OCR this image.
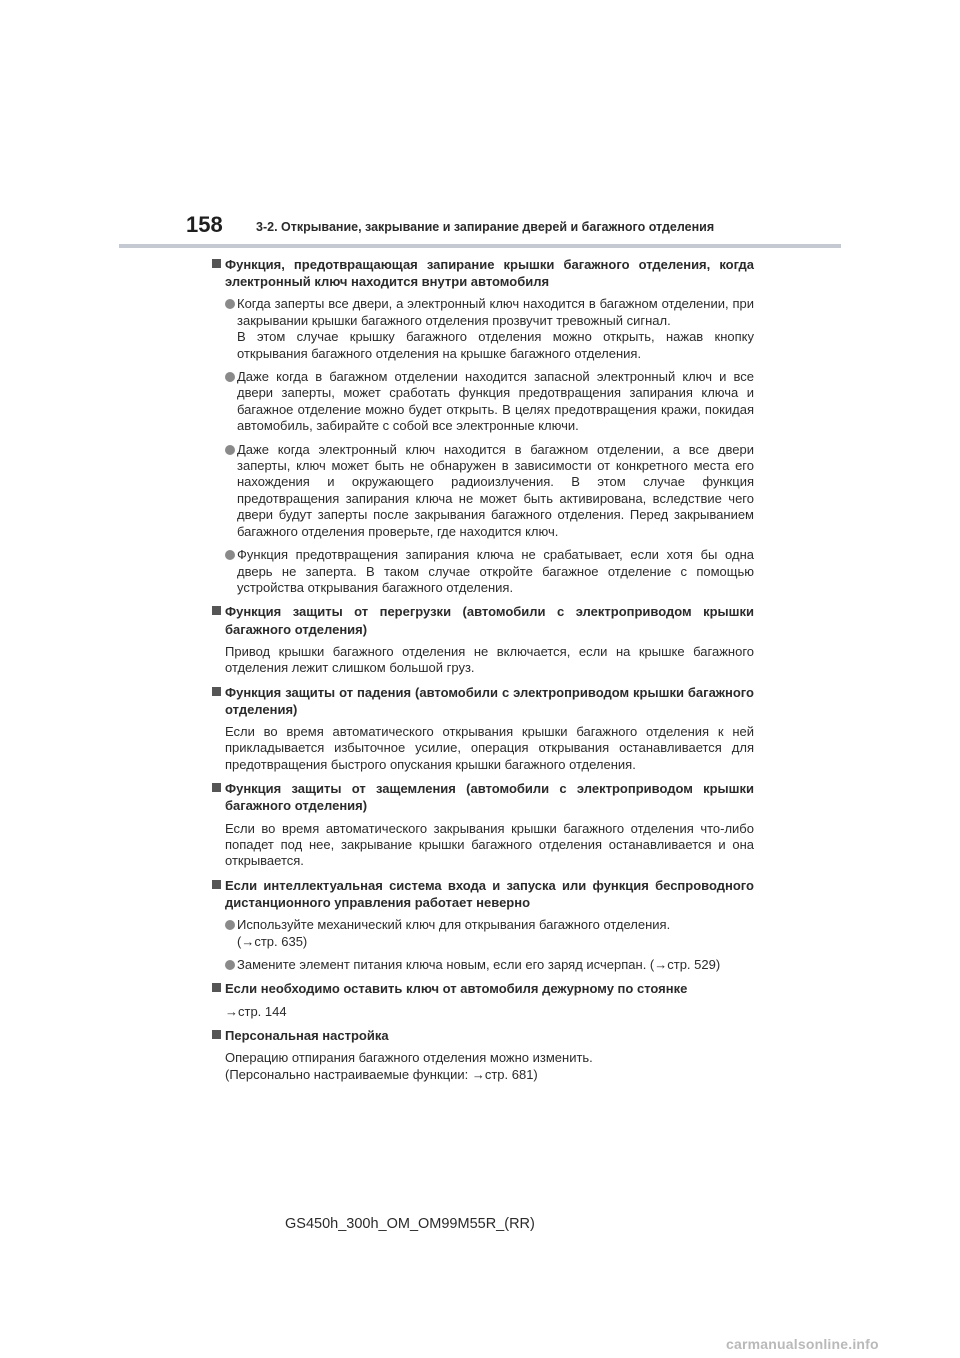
158	3-2. Открывание, закрывание и запирание дверей и багажного отделения
Функция, предотвращающая запирание крышки багажного отделения, когда электронный ключ находится внутри автомобиля

Когда заперты все двери, а электронный ключ находится в багажном отделении, при закрывании крышки багажного отделения прозвучит тревожный сигнал.

В этом случае крышку багажного отделения можно открыть, нажав кнопку открывания багажного отделения на крышке багажного отделения.

Даже когда в багажном отделении находится запасной электронный ключ и все двери заперты, может сработать функция предотвращения запирания ключа и багажное отделение можно будет открыть. В целях предотвращения кражи, покидая автомобиль, забирайте с собой все электронные ключи.

Даже когда электронный ключ находится в багажном отделении, а все двери заперты, ключ может быть не обнаружен в зависимости от конкретного места его нахождения и окружающего радиоизлучения. В этом случае функция предотвращения запирания ключа не может быть активирована, вследствие чего двери будут заперты после закрывания багажного отделения. Перед закрыванием багажного отделения проверьте, где находится ключ.

Функция предотвращения запирания ключа не срабатывает, если хотя бы одна дверь не заперта. В таком случае откройте багажное отделение с помощью устройства открывания багажного отделения.

Функция защиты от перегрузки (автомобили с электроприводом крышки багажного отделения)
Привод крышки багажного отделения не включается, если на крышке багажного отделения лежит слишком большой груз.
Функция защиты от падения (автомобили с электроприводом крышки багажного отделения)
Если во время автоматического открывания крышки багажного отделения к ней прикладывается избыточное усилие, операция открывания останавливается для предотвращения быстрого опускания крышки багажного отделения.
Функция защиты от защемления (автомобили с электроприводом крышки багажного отделения)
Если во время автоматического закрывания крышки багажного отделения что-либо попадет под нее, закрывание крышки багажного отделения останавливается и она открывается.
Если интеллектуальная система входа и запуска или функция беспроводного дистанционного управления работает неверно

Используйте механический ключ для открывания багажного отделения.

(→стр. 635)

Замените элемент питания ключа новым, если его заряд исчерпан. (→стр. 529)

Если необходимо оставить ключ от автомобиля дежурному по стоянке
→стр. 144
Персональная настройка
Операцию отпирания багажного отделения можно изменить.
(Персонально настраиваемые функции: →стр. 681)
GS450h_300h_OM_OM99M55R_(RR)
carmanualsonline.info
